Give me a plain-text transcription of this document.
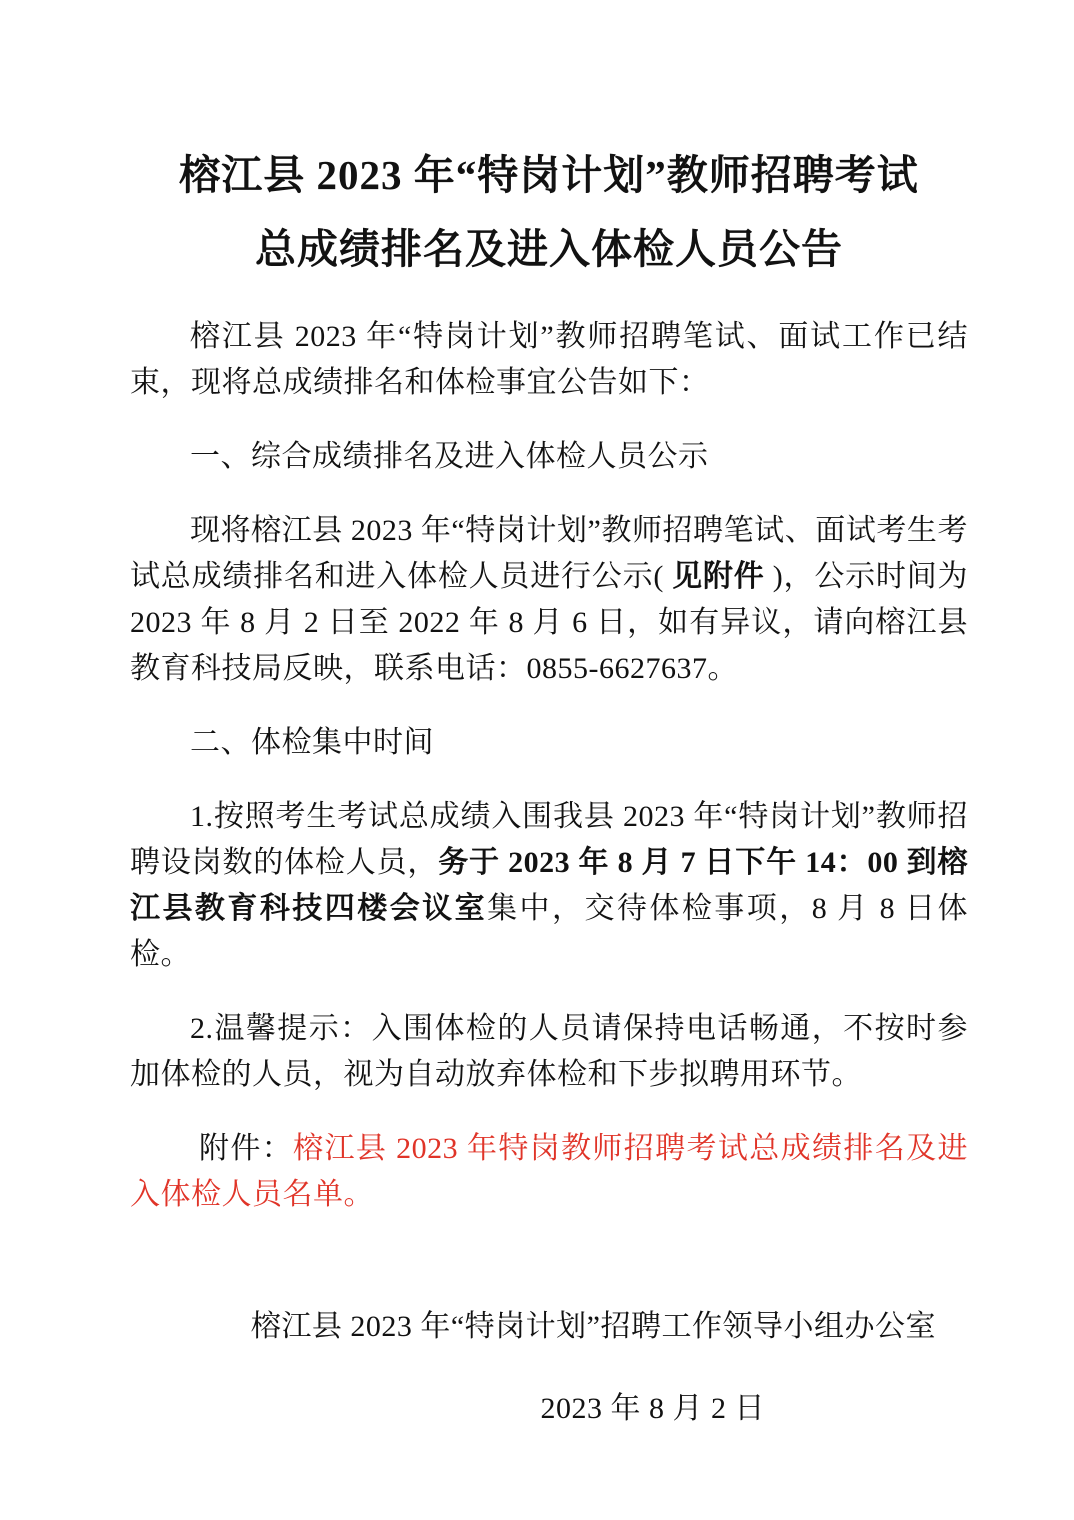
榕江县 2023 年“特岗计划”教师招聘考试
总成绩排名及进入体检人员公告

榕江县 2023 年“特岗计划”教师招聘笔试、面试工作已结束，现将总成绩排名和体检事宜公告如下：

一、综合成绩排名及进入体检人员公示

现将榕江县 2023 年“特岗计划”教师招聘笔试、面试考生考试总成绩排名和进入体检人员进行公示( 见附件 )，公示时间为 2023 年 8 月 2 日至 2022 年 8 月 6 日，如有异议，请向榕江县教育科技局反映，联系电话：0855-6627637。

二、体检集中时间

1.按照考生考试总成绩入围我县 2023 年“特岗计划”教师招聘设岗数的体检人员，务于 2023 年 8 月 7 日下午 14：00 到榕江县教育科技四楼会议室集中，交待体检事项，8 月 8 日体检。

2.温馨提示：入围体检的人员请保持电话畅通，不按时参加体检的人员，视为自动放弃体检和下步拟聘用环节。

附件：榕江县 2023 年特岗教师招聘考试总成绩排名及进入体检人员名单。

榕江县 2023 年“特岗计划”招聘工作领导小组办公室

2023 年 8 月 2 日
